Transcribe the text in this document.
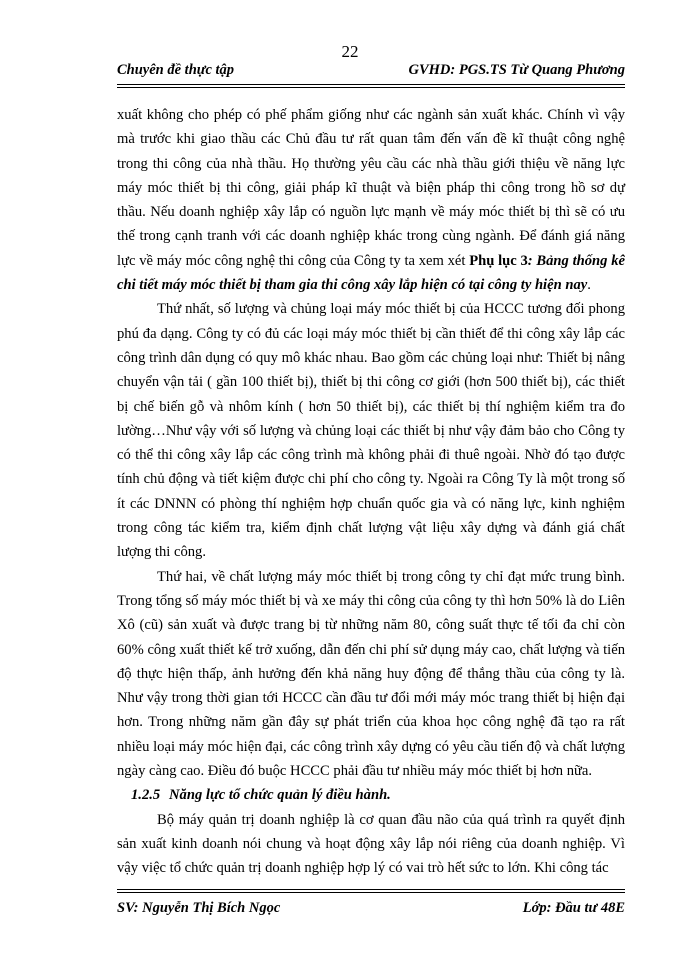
22
Chuyên đề thực tập	GVHD: PGS.TS Từ Quang Phương

xuất không cho phép có phế phẩm giống như các ngành sản xuất khác. Chính vì vậy mà trước khi giao thầu các Chủ đầu tư rất quan tâm đến vấn đề kĩ thuật công nghệ trong thi công của nhà thầu. Họ thường yêu cầu các nhà thầu giới thiệu về năng lực máy móc thiết bị thi công, giải pháp kĩ thuật và biện pháp thi công trong hồ sơ dự thầu. Nếu doanh nghiệp xây lắp có nguồn lực mạnh về máy móc thiết bị thì sẽ có ưu thế trong cạnh tranh với các doanh nghiệp khác trong cùng ngành. Để đánh giá năng lực về máy móc công nghệ thi công của Công ty ta xem xét Phụ lục 3: Bảng thống kê chi tiết máy móc thiết bị tham gia thi công xây lắp hiện có tại công ty hiện nay.

Thứ nhất, số lượng và chủng loại máy móc thiết bị của HCCC tương đối phong phú đa dạng. Công ty có đủ các loại máy móc thiết bị cần thiết để thi công xây lắp các công trình dân dụng có quy mô khác nhau. Bao gồm các chủng loại như: Thiết bị nâng chuyển vận tải ( gần 100 thiết bị), thiết bị thi công cơ giới (hơn 500 thiết bị), các thiết bị chế biến gỗ và nhôm kính ( hơn 50 thiết bị), các thiết bị thí nghiệm kiểm tra đo lường…Như vậy với số lượng và chủng loại các thiết bị như vậy đảm bảo cho Công ty có thể thi công xây lắp các công trình mà không phải đi thuê ngoài. Nhờ đó tạo được tính chủ động và tiết kiệm được chi phí cho công ty. Ngoài ra Công Ty là một trong số ít các DNNN có phòng thí nghiệm hợp chuẩn quốc gia và có năng lực, kinh nghiệm trong công tác kiểm tra, kiểm định chất lượng vật liệu xây dựng và đánh giá chất lượng thi công.

Thứ hai, về chất lượng máy móc thiết bị trong công ty chỉ đạt mức trung bình. Trong tổng số máy móc thiết bị và xe máy thi công của công ty thì hơn 50% là do Liên Xô (cũ) sản xuất và được trang bị từ những năm 80, công suất thực tế tối đa chỉ còn 60% công xuất thiết kế trở xuống, dẫn đến chi phí sử dụng máy cao, chất lượng và tiến độ thực hiện thấp, ảnh hưởng đến khả năng huy động để thắng thầu của công ty là. Như vậy trong thời gian tới HCCC cần đầu tư đổi mới máy móc trang thiết bị hiện đại hơn. Trong những năm gần đây sự phát triển của khoa học công nghệ đã tạo ra rất nhiều loại máy móc hiện đại, các công trình xây dựng có yêu cầu tiến độ và chất lượng ngày càng cao. Điều đó buộc HCCC phải đầu tư nhiều máy móc thiết bị hơn nữa.

1.2.5 Năng lực tổ chức quản lý điều hành.

Bộ máy quản trị doanh nghiệp là cơ quan đầu não của quá trình ra quyết định sản xuất kinh doanh nói chung và hoạt động xây lắp nói riêng của doanh nghiệp. Vì vậy việc tổ chức quản trị doanh nghiệp hợp lý có vai trò hết sức to lớn. Khi công tác

SV: Nguyễn Thị Bích Ngọc	Lớp: Đầu tư 48E
